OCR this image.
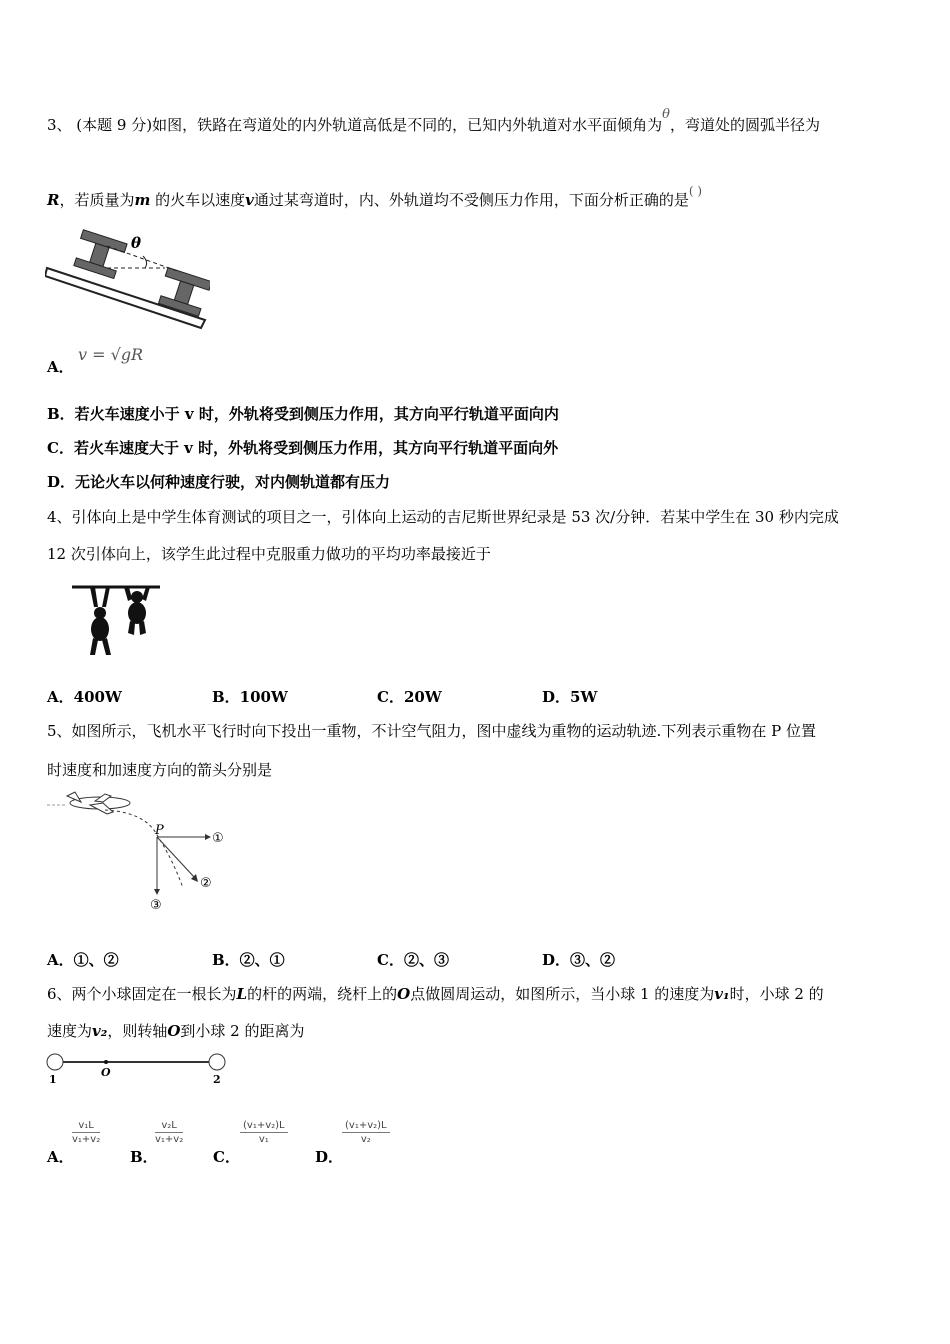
3、 (本题 9 分)如图，铁路在弯道处的内外轨道高低是不同的，已知内外轨道对水平面倾角为θ，弯道处的圆弧半径为
R，若质量为m 的火车以速度v通过某弯道时，内、外轨道均不受侧压力作用，下面分析正确的是( )
θ
A．
v = √gR
B．若火车速度小于 v 时，外轨将受到侧压力作用，其方向平行轨道平面向内
C．若火车速度大于 v 时，外轨将受到侧压力作用，其方向平行轨道平面向外
D．无论火车以何种速度行驶，对内侧轨道都有压力
4、引体向上是中学生体育测试的项目之一，引体向上运动的吉尼斯世界纪录是 53 次/分钟．若某中学生在 30 秒内完成
12 次引体向上，该学生此过程中克服重力做功的平均功率最接近于
A．400W	B．100W	C．20W	D．5W
5、如图所示，飞机水平飞行时向下投出一重物，不计空气阻力，图中虚线为重物的运动轨迹.下列表示重物在 P 位置
时速度和加速度方向的箭头分别是
P
①
②
③
A．①、②	B．②、①	C．②、③	D．③、②
6、两个小球固定在一根长为L的杆的两端，绕杆上的O点做圆周运动，如图所示，当小球 1 的速度为v₁时，小球 2 的
速度为v₂，则转轴O到小球 2 的距离为
1
O
2
A．
$\frac{\text{v₁L}}{\text{v₁+v₂}}$
B．
$\frac{\text{v₂L}}{\text{v₁+v₂}}$
C．
$\frac{\text{(v₁+v₂)L}}{\text{v₁}}$
D．
$\frac{\text{(v₁+v₂)L}}{\text{v₂}}$
